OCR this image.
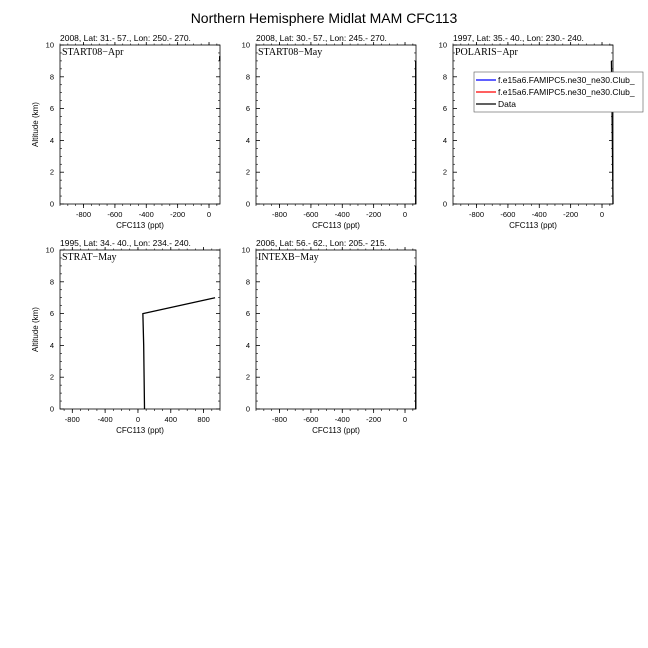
Northern Hemisphere Midlat MAM CFC113
2008, Lat: 31.- 57., Lon: 250.- 270.
START08−Apr
0
2
4
6
8
10
-800 -600 -400 -200	0
CFC113 (ppt)
Altitude (km)
2008, Lat: 30.- 57., Lon: 245.- 270.
START08−May
0
2
4
6
8
10
-800 -600 -400 -200	0
CFC113 (ppt)
1997, Lat: 35.- 40., Lon: 230.- 240.
POLARIS−Apr
0
2
4
6
8
10
-800 -600 -400 -200	0
CFC113 (ppt)
1995, Lat: 34.- 40., Lon: 234.- 240.
STRAT−May
0
2
4
6
8
10
-800 -400	0	400	800
CFC113 (ppt)
Altitude (km)
2006, Lat: 56.- 62., Lon: 205.- 215.
INTEXB−May
0
2
4
6
8
10
-800 -600 -400 -200	0
CFC113 (ppt)
f.e15a6.FAMIPC5.ne30_ne30.Club_
f.e15a6.FAMIPC5.ne30_ne30.Club_
Data
